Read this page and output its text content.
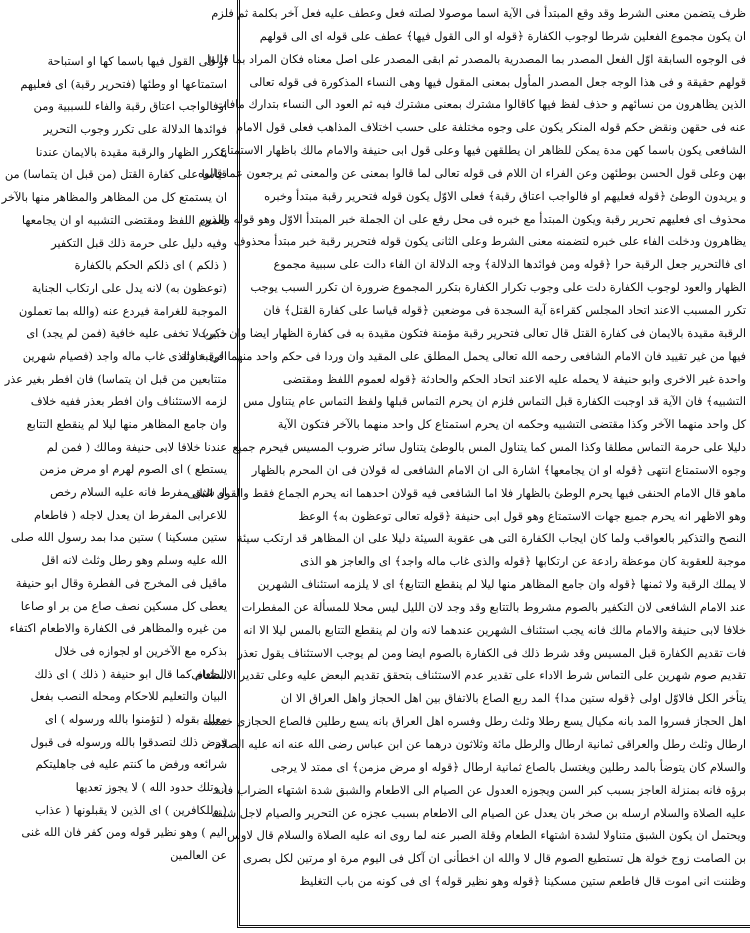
او الى القول فيها باسما كها او استباحة
استمتاعها او وطئها (فتحرير رقبة) اى فعليهم
اوفالواجب اعتاق رقبة والفاء للسببية ومن
فوائدها الدلالة على تكرر وجوب التحرير
بتكرر الظهار والرقبة مقيدة بالايمان عندنا
قياسا على كفارة القتل (من قبل ان يتماسا) من
ان يستمتع كل من المظاهر والمظاهر منها بالآخر
لعموم اللفظ ومقتضى التشبيه او ان يجامعها
وفيه دليل على حرمة ذلك قبل التكفير
( ذلكم ) اى ذلكم الحكم بالكفارة
(توعظون به) لانه يدل على ارتكاب الجناية
الموجبة للغرامة فيردع عنه (والله بما تعملون
خبير) لا تخفى عليه خافية (فمن لم يجد) اى
الرقبة والذى غاب ماله واجد (فصيام شهرين
متتابعين من قبل ان يتماسا) فان افطر بغير عذر
لزمه الاستئناف وان افطر بعذر ففيه خلاف
وان جامع المظاهر منها ليلا لم ينقطع التتابع
عندنا خلافا لابى حنيفة ومالك ( فمن لم
يستطع ) اى الصوم لهرم او مرض مزمن
او شبق مفرط فانه عليه السلام رخص
للاعرابى المفرط ان يعدل لاجله ( فاطعام
ستين مسكينا ) ستين مدا بمد رسول الله صلى
الله عليه وسلم وهو رطل وثلث لانه اقل
ماقيل فى المخرج فى الفطرة وقال ابو حنيفة
يعطى كل مسكين نصف صاع من بر او صاعا
من غيره والمظاهر فى الكفارة والاطعام اكتفاء
بذكره مع الآخرين او لجوازه فى خلال
الطعام كما قال ابو حنيفة ( ذلك ) اى ذلك
البيان والتعليم للاحكام ومحله النصب بفعل
معلل بقوله ( لتؤمنوا بالله ورسوله ) اى
فرض ذلك لتصدقوا بالله ورسوله فى قبول
شرائعه ورفض ما كنتم عليه فى جاهليتكم
( وتلك حدود الله ) لا يجوز تعديها
( وللكافرين ) اى الذين لا يقبلونها ( عذاب
اليم ) وهو نظير قوله ومن كفر فان الله غنى
عن العالمين
ظرف يتضمن معنى الشرط وقد وقع المبتدأ فى الآية اسما موصولا لصلته فعل وعطف عليه فعل آخر بكلمة ثم فلزم
ان يكون مجموع الفعلين شرطا لوجوب الكفارة ﴿قوله او الى القول فيها﴾ عطف على قوله اى الى قولهم
فى الوجوه السابقة اوّل الفعل المصدر بما المصدرية بالمصدر ثم ابقى المصدر على اصل معناه فكان المراد بما قالوا
قولهم حقيقة و فى هذا الوجه جعل المصدر المأول بمعنى المقول فيها وهى النساء المذكورة فى قوله تعالى
الذين يظاهرون من نسائهم و حذف لفظ فيها كاقالوا مشترك بمعنى مشترك فيه ثم العود الى النساء بتدارك مافات
عنه فى حقهن ونقض حكم قوله المنكر يكون على وجوه مختلفة على حسب اختلاف المذاهب فعلى قول الامام
الشافعى يكون باسما كهن مدة يمكن للظاهر ان يطلقهن فيها وعلى قول ابى حنيفة والامام مالك باظهار الاستمتاع
بهن وعلى قول الحسن بوطئهن وعن الفراء ان اللام فى قوله تعالى لما قالوا بمعنى عن والمعنى ثم يرجعون عما قالوه
و يريدون الوطئ ﴿قوله فعليهم او فالواجب اعتاق رقبة﴾ فعلى الاوّل يكون قوله فتحرير رقبة مبتدأ وخبره
محذوف اى فعليهم تحرير رقبة ويكون المبتدأ مع خبره فى محل رفع على ان الجملة خبر المبتدأ الاوّل وهو قوله والذين
يظاهرون ودخلت الفاء على خبره لتضمنه معنى الشرط وعلى الثانى يكون قوله فتحرير رقبة خبر مبتدأ محذوف
اى فالتحرير جعل الرقبة حرا ﴿قوله ومن فوائدها الدلالة﴾ وجه الدلالة ان الفاء دالت على سببية مجموع
الظهار والعود لوجوب الكفارة دلت على وجوب تكرار الكفارة بتكرر المجموع ضرورة ان تكرر السبب يوجب
تكرر المسبب الاعند اتحاد المجلس كقراءة آية السجدة فى موضعين ﴿قوله قياسا على كفارة القتل﴾ فان
الرقبة مقيدة بالايمان فى كفارة القتل قال تعالى فتحرير رقبة مؤمنة فتكون مقيدة به فى كفارة الظهار ايضا وان ذكرت
فيها من غير تقييد فان الامام الشافعى رحمه الله تعالى يحمل المطلق على المقيد وان وردا فى حكم واحد منهما فى حادثة
واحدة غير الاخرى وابو حنيفة لا يحمله عليه الاعند اتحاد الحكم والحادثة ﴿قوله لعموم اللفظ ومقتضى
التشبيه﴾ فان الآية قد اوجبت الكفارة قبل التماس فلزم ان يحرم التماس قبلها ولفظ التماس عام يتناول مس
كل واحد منهما الآخر وكذا مقتضى التشبيه وحكمه ان يحرم استمتاع كل واحد منهما بالآخر فتكون الآية
دليلا على حرمة التماس مطلقا وكذا المس كما يتناول المس بالوطئ يتناول سائر ضروب المسيس فيحرم جميع
وجوه الاستمتاع انتهى ﴿قوله او ان يجامعها﴾ اشارة الى ان الامام الشافعى له قولان فى ان المحرم بالظهار
ماهو قال الامام الحنفى فيها يحرم الوطئ بالظهار فلا اما الشافعى فيه قولان احدهما انه يحرم الجماع فقط والقول الثانى
وهو الاظهر انه يحرم جميع جهات الاستمتاع وهو قول ابى حنيفة ﴿قوله تعالى توعظون به﴾ الوعظ
النصح والتذكير بالعواقب ولما كان ايجاب الكفارة التى هى عقوبة السيئة دليلا على ان المظاهر قد ارتكب سيئة
موجبة للعقوبة كان موعظة رادعة عن ارتكابها ﴿قوله والذى غاب ماله واجد﴾ اى والعاجز هو الذى
لا يملك الرقبة ولا ثمنها ﴿قوله وان جامع المظاهر منها ليلا لم ينقطع التتابع﴾ اى لا يلزمه استئناف الشهرين
عند الامام الشافعى لان التكفير بالصوم مشروط بالتتابع وقد وجد لان الليل ليس محلا للمسألة عن المفطرات
خلافا لابى حنيفة والامام مالك فانه يجب استئناف الشهرين عندهما لانه وان لم ينقطع التتابع بالمس ليلا الا انه
فات تقديم الكفارة قبل المسيس وقد شرط ذلك فى الكفارة بالصوم ايضا ومن لم يوجب الاستئناف يقول تعذر
تقديم صوم شهرين على التماس شرط الاداء على تقدير عدم الاستئناف بتحقق تقديم البعض عليه وعلى تقدير الاستئناف
يتأخر الكل فالاوّل اولى ﴿قوله ستين مدا﴾ المد ربع الصاع بالاتفاق بين اهل الحجاز واهل العراق الا ان
اهل الحجاز فسروا المد بانه مكيال يسع رطلا وثلث رطل وفسره اهل العراق بانه يسع رطلين فالصاع الحجازى خمسة
ارطال وثلث رطل والعراقى ثمانية ارطال والرطل مائة وثلاثون درهما عن ابن عباس رضى الله عنه انه عليه الصلاة
والسلام كان يتوضأ بالمد رطلين ويغتسل بالصاع ثمانية ارطال ﴿قوله او مرض مزمن﴾ اى ممتد لا يرجى
برؤه فانه بمنزلة العاجز بسبب كبر السن ويجوزه العدول عن الصيام الى الاطعام والشبق شدة اشتهاء الضراب فانه
عليه الصلاة والسلام ارسله بن صخر بان يعدل عن الصيام الى الاطعام بسبب عجزه عن التحرير والصيام لاجل شبقه
ويحتمل ان يكون الشبق متناولا لشدة اشتهاء الطعام وقلة الصبر عنه لما روى انه عليه الصلاة والسلام قال لاوس
بن الصامت زوج خولة هل تستطيع الصوم قال لا والله ان اخطأنى ان آكل فى اليوم مرة او مرتين لكل بصرى
وظننت انى اموت قال فاطعم ستين مسكينا ﴿قوله وهو نظير قوله﴾ اى فى كونه من باب التغليظ
